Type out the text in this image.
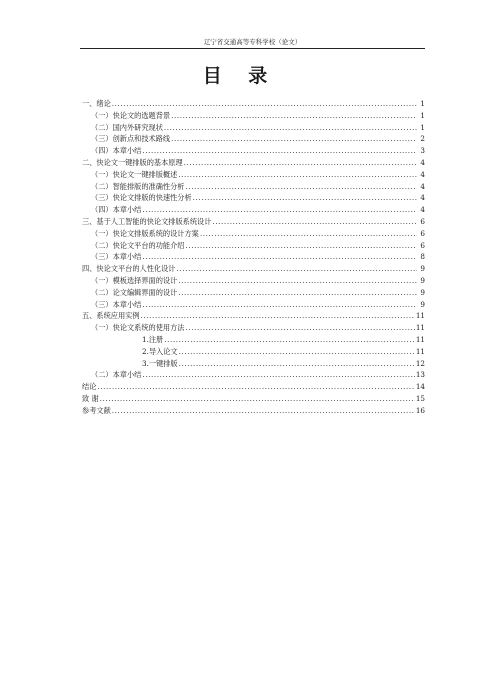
辽宁省交通高等专科学校（论文）
目 录
一、绪论 .....	1
（一）快论文的选题背景 .....	1
（二）国内外研究现状 .....	1
（三）创新点和技术路线 .....	2
（四）本章小结 .....	3
二、快论文一键排版的基本原理 .....	4
（一）快论文一键排版概述 .....	4
（二）智能排版的准确性分析 .....	4
（三）快论文排版的快速性分析 .....	4
（四）本章小结 .....	4
三、基于人工智能的快论文排版系统设计 .....	6
（一）快论文排版系统的设计方案 .....	6
（二）快论文平台的功能介绍 .....	6
（三）本章小结 .....	8
四、快论文平台的人性化设计 .....	9
（一）模板选择界面的设计 .....	9
（二）论文编辑界面的设计 .....	9
（三）本章小结 .....	9
五、系统应用实例 .....	11
（一）快论文系统的使用方法 .....	11
1.注册 .....	11
2.导入论文 .....	11
3.一键排版 .....	12
（二）本章小结 .....	13
结论 .....	14
致 谢 .....	15
参考文献 .....	16
